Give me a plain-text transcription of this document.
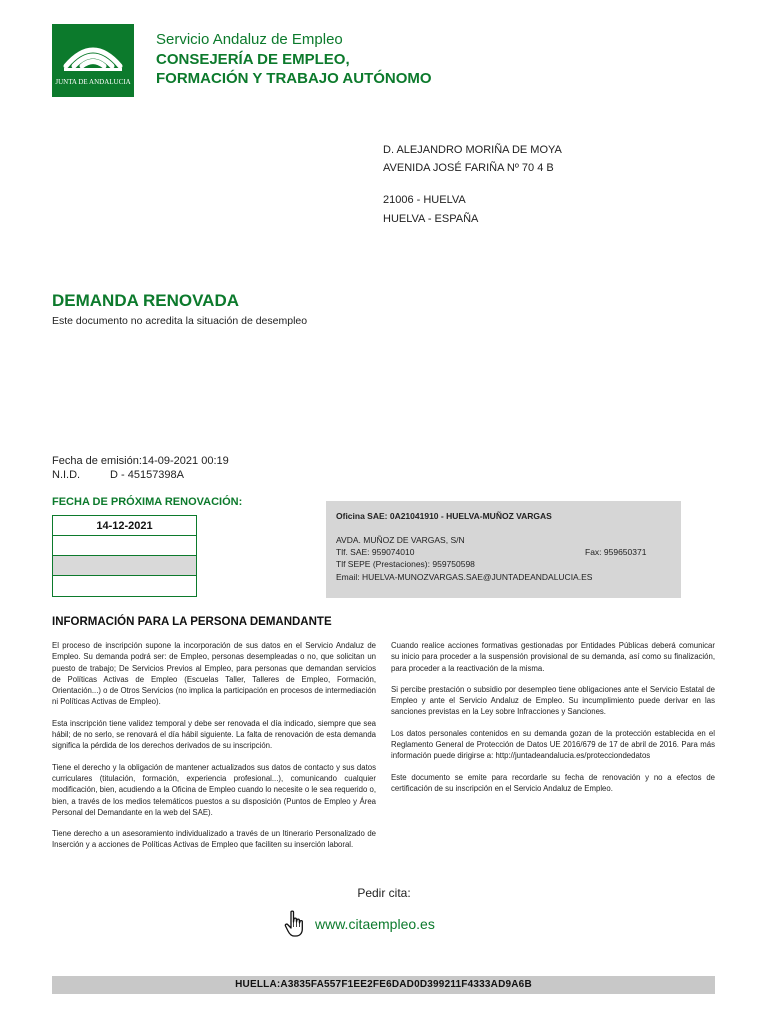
JUNTA DE ANDALUCIA
Servicio Andaluz de Empleo
CONSEJERÍA DE EMPLEO,
FORMACIÓN Y TRABAJO AUTÓNOMO
D. ALEJANDRO MORIÑA DE MOYA
AVENIDA JOSÉ FARIÑA Nº 70 4 B
21006 - HUELVA
HUELVA - ESPAÑA
DEMANDA RENOVADA
Este documento no acredita la situación de desempleo
Fecha de emisión:14-09-2021 00:19
N.I.D.	D - 45157398A
FECHA DE PRÓXIMA RENOVACIÓN:
14-12-2021
Oficina SAE: 0A21041910 - HUELVA-MUÑOZ VARGAS
AVDA. MUÑOZ DE VARGAS, S/N
Tlf. SAE: 959074010	Fax: 959650371
Tlf SEPE (Prestaciones): 959750598
Email: HUELVA-MUNOZVARGAS.SAE@JUNTADEANDALUCIA.ES
INFORMACIÓN PARA LA PERSONA DEMANDANTE

El proceso de inscripción supone la incorporación de sus datos en el Servicio Andaluz de Empleo. Su demanda podrá ser: de Empleo, personas desempleadas o no, que solicitan un puesto de trabajo; De Servicios Previos al Empleo, para personas que demandan servicios de Políticas Activas de Empleo (Escuelas Taller, Talleres de Empleo, Formación, Orientación...) o de Otros Servicios (no implica la participación en procesos de intermediación ni Políticas Activas de Empleo).

Esta inscripción tiene validez temporal y debe ser renovada el día indicado, siempre que sea hábil; de no serlo, se renovará el día hábil siguiente. La falta de renovación de esta demanda significa la pérdida de los derechos derivados de su inscripción.

Tiene el derecho y la obligación de mantener actualizados sus datos de contacto y sus datos curriculares (titulación, formación, experiencia profesional...), comunicando cualquier modificación, bien, acudiendo a la Oficina de Empleo cuando lo necesite o le sea requerido o, bien, a través de los medios telemáticos puestos a su disposición (Puntos de Empleo y Área Personal del Demandante en la web del SAE).

Tiene derecho a un asesoramiento individualizado a través de un Itinerario Personalizado de Inserción y a acciones de Políticas Activas de Empleo que faciliten su inserción laboral.

Cuando realice acciones formativas gestionadas por Entidades Públicas deberá comunicar su inicio para proceder a la suspensión provisional de su demanda, así como su finalización, para proceder a la reactivación de la misma.

Si percibe prestación o subsidio por desempleo tiene obligaciones ante el Servicio Estatal de Empleo y ante el Servicio Andaluz de Empleo. Su incumplimiento puede derivar en las sanciones previstas en la Ley sobre Infracciones y Sanciones.

Los datos personales contenidos en su demanda gozan de la protección establecida en el Reglamento General de Protección de Datos UE 2016/679 de 17 de abril de 2016. Para más información puede dirigirse a: http://juntadeandalucia.es/protecciondedatos

Este documento se emite para recordarle su fecha de renovación y no a efectos de certificación de su inscripción en el Servicio Andaluz de Empleo.

Pedir cita:
www.citaempleo.es
HUELLA:A3835FA557F1EE2FE6DAD0D399211F4333AD9A6B
